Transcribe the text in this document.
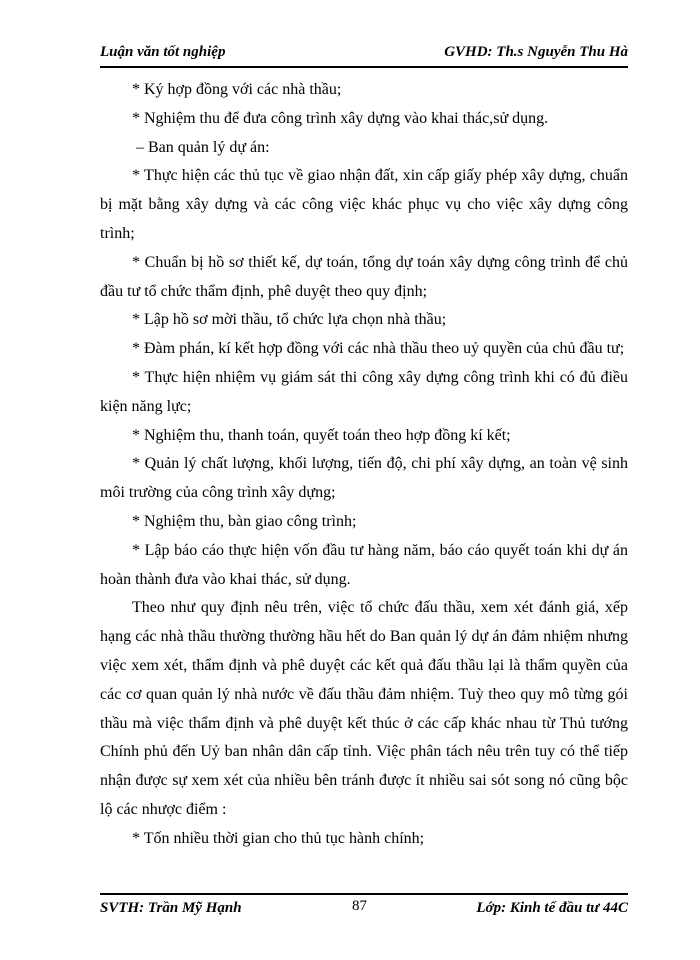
Luận văn tốt nghiệp	GVHD: Th.s Nguyễn Thu Hà

* Ký hợp đồng với các nhà thầu;

* Nghiệm thu để đưa công trình xây dựng vào khai thác,sử dụng.

– Ban quản lý dự án:

* Thực hiện các thủ tục về giao nhận đất, xin cấp giấy phép xây dựng, chuẩn bị mặt bằng xây dựng và các công việc khác phục vụ cho việc xây dựng công trình;

* Chuẩn bị hồ sơ thiết kế, dự toán, tổng dự toán xây dựng công trình để chủ đầu tư tổ chức thẩm định, phê duyệt theo quy định;

* Lập hồ sơ mời thầu, tổ chức lựa chọn nhà thầu;

* Đàm phán, kí kết hợp đồng với các nhà thầu theo uỷ quyền của chủ đầu tư;

* Thực hiện nhiệm vụ giám sát thi công xây dựng công trình khi có đủ điều kiện năng lực;

* Nghiệm thu, thanh toán, quyết toán theo hợp đồng kí kết;

* Quản lý chất lượng, khối lượng, tiến độ, chi phí xây dựng, an toàn vệ sinh môi trường của công trình xây dựng;

* Nghiệm thu, bàn giao công trình;

* Lập báo cáo thực hiện vốn đầu tư hàng năm, báo cáo quyết toán khi dự án hoàn thành đưa vào khai thác, sử dụng.

Theo như quy định nêu trên, việc tổ chức đấu thầu, xem xét đánh giá, xếp hạng các nhà thầu thường thường hầu hết do Ban quản lý dự án đảm nhiệm nhưng việc xem xét, thẩm định và phê duyệt các kết quả đấu thầu lại là thẩm quyền của các cơ quan quản lý nhà nước về đấu thầu đảm nhiệm. Tuỳ theo quy mô từng gói thầu mà việc thẩm định và phê duyệt kết thúc ở các cấp khác nhau từ Thủ tướng Chính phủ đến Uỷ ban nhân dân cấp tỉnh. Việc phân tách nêu trên tuy có thể tiếp nhận được sự xem xét của nhiều bên tránh được ít nhiều sai sót song nó cũng bộc lộ các nhược điểm :

* Tốn nhiều thời gian cho thủ tục hành chính;

SVTH: Trần Mỹ Hạnh	87	Lớp: Kinh tế đầu tư 44C
